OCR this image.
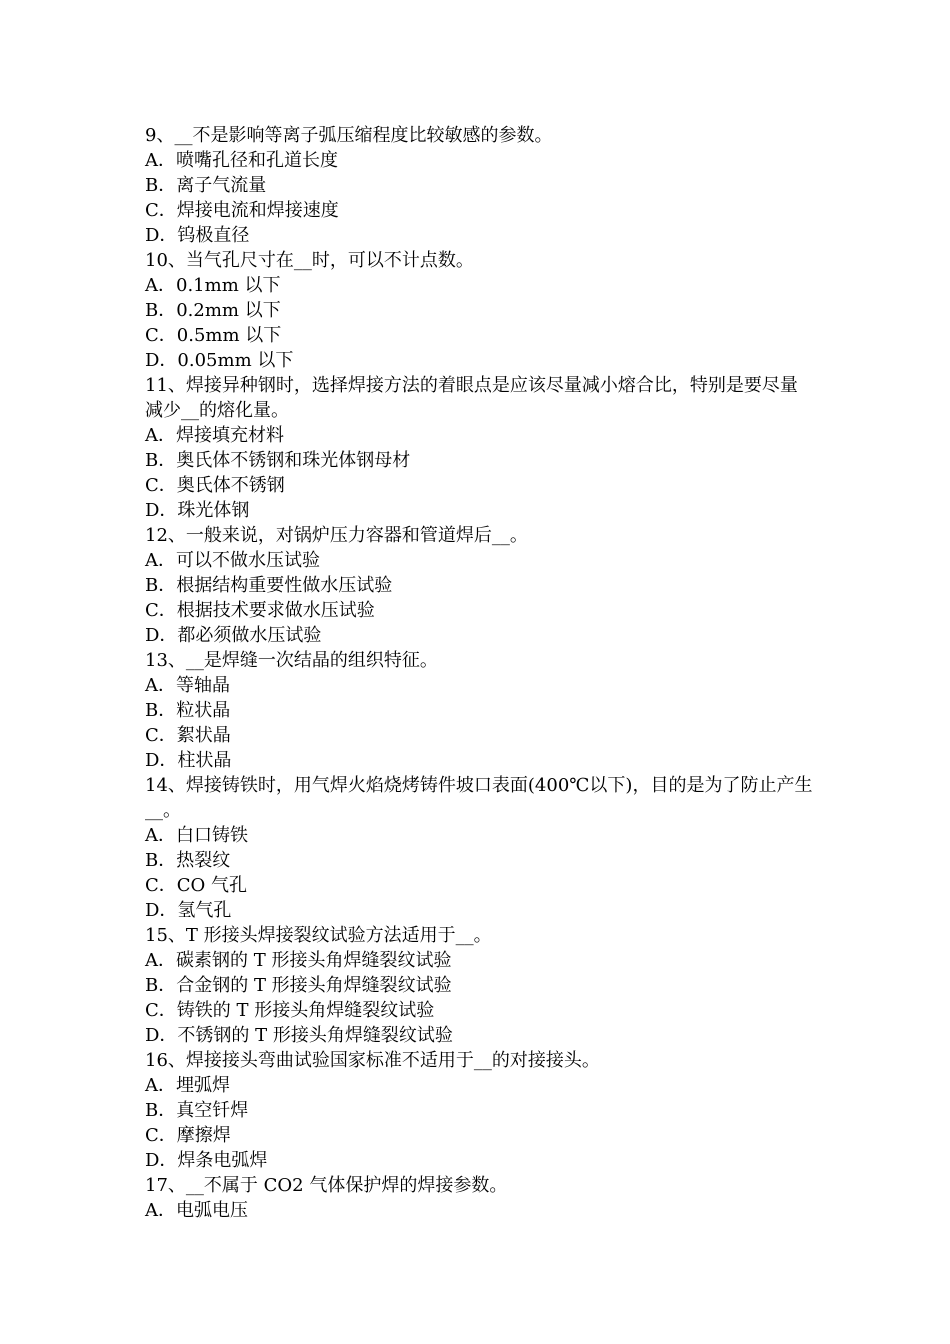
9、__不是影响等离子弧压缩程度比较敏感的参数。
A．喷嘴孔径和孔道长度
B．离子气流量
C．焊接电流和焊接速度
D．钨极直径
10、当气孔尺寸在__时，可以不计点数。
A．0.1mm 以下
B．0.2mm 以下
C．0.5mm 以下
D．0.05mm 以下
11、焊接异种钢时，选择焊接方法的着眼点是应该尽量减小熔合比，特别是要尽量减少__的熔化量。
A．焊接填充材料
B．奥氏体不锈钢和珠光体钢母材
C．奥氏体不锈钢
D．珠光体钢
12、一般来说，对锅炉压力容器和管道焊后__。
A．可以不做水压试验
B．根据结构重要性做水压试验
C．根据技术要求做水压试验
D．都必须做水压试验
13、__是焊缝一次结晶的组织特征。
A．等轴晶
B．粒状晶
C．絮状晶
D．柱状晶
14、焊接铸铁时，用气焊火焰烧烤铸件坡口表面(400℃以下)，目的是为了防止产生__。
A．白口铸铁
B．热裂纹
C．CO 气孔
D．氢气孔
15、T 形接头焊接裂纹试验方法适用于__。
A．碳素钢的 T 形接头角焊缝裂纹试验
B．合金钢的 T 形接头角焊缝裂纹试验
C．铸铁的 T 形接头角焊缝裂纹试验
D．不锈钢的 T 形接头角焊缝裂纹试验
16、焊接接头弯曲试验国家标准不适用于__的对接接头。
A．埋弧焊
B．真空钎焊
C．摩擦焊
D．焊条电弧焊
17、__不属于 CO2 气体保护焊的焊接参数。
A．电弧电压
